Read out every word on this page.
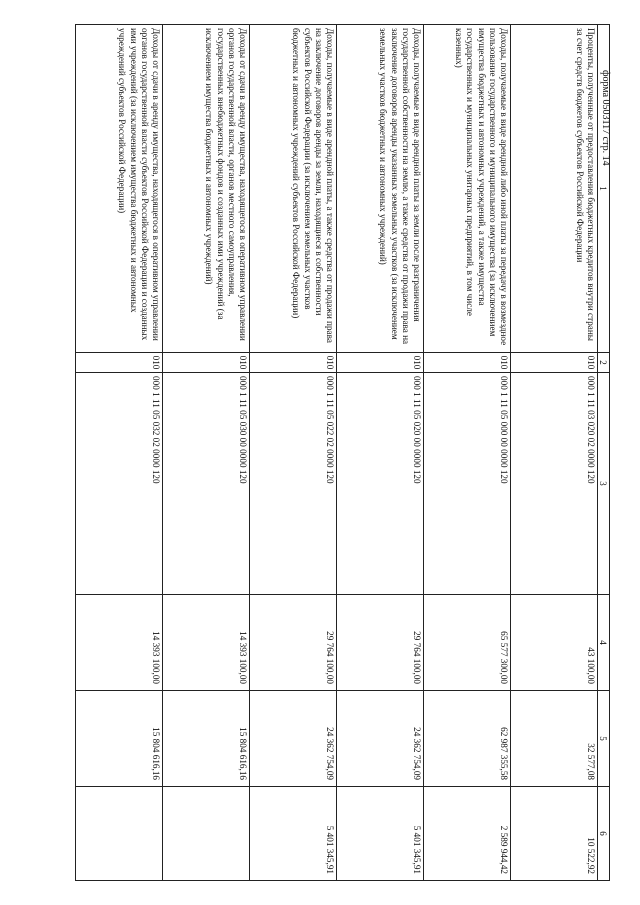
форма 0503117 стр. 14
1	2	3	4	5	6
Проценты, полученные от предоставления бюджетных кредитов внутри страны за счет средств бюджетов субъектов Российской Федерации	010	000 1 11 03 020 02 0000 120	43 100,00	32 577,08	10 522,92
Доходы, получаемые в виде арендной либо иной платы за передачу в возмездное пользование государственного и муниципального имущества (за исключением имущества бюджетных и автономных учреждений, а также имущества государственных и муниципальных унитарных предприятий, в том числе казенных)	010	000 1 11 05 000 00 0000 120	65 577 300,00	62 987 355,58	2 589 944,42
Доходы, получаемые в виде арендной платы за земли после разграничения государственной собственности на землю, а также средства от продажи права на заключение договоров аренды указанных земельных участков (за исключением земельных участков бюджетных и автономных учреждений)	010	000 1 11 05 020 00 0000 120	29 764 100,00	24 362 754,09	5 401 345,91
Доходы, получаемые в виде арендной платы, а также средства от продажи права на заключение договоров аренды за земли, находящиеся в собственности субъектов Российской Федерации (за исключением земельных участков бюджетных и автономных учреждений субъектов Российской Федерации)	010	000 1 11 05 022 02 0000 120	29 764 100,00	24 362 754,09	5 401 345,91
Доходы от сдачи в аренду имущества, находящегося в оперативном управлении органов государственной власти, органов местного самоуправления, государственных внебюджетных фондов и созданных ими учреждений (за исключением имущества бюджетных и автономных учреждений)	010	000 1 11 05 030 00 0000 120	14 393 100,00	15 804 616,16	
Доходы от сдачи в аренду имущества, находящегося в оперативном управлении органов государственной власти субъектов Российской Федерации и созданных ими учреждений (за исключением имущества бюджетных и автономных учреждений субъектов Российской Федерации)	010	000 1 11 05 032 02 0000 120	14 393 100,00	15 804 616,16	
